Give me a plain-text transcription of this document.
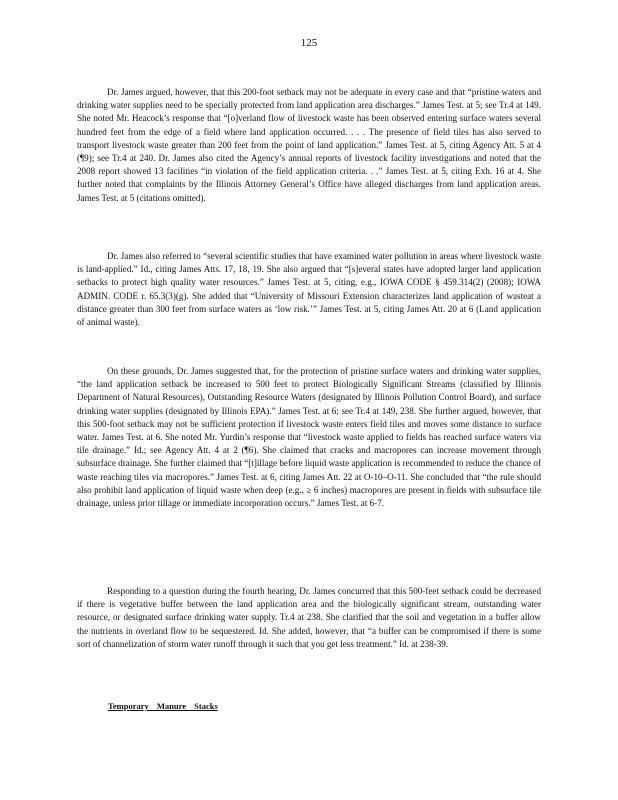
125

Dr. James argued, however, that this 200-foot setback may not be adequate in every case and that “pristine waters and drinking water supplies need to be specially protected from land application area discharges.” James Test. at 5; see Tr.4 at 149. She noted Mr. Heacock’s response that “[o]verland flow of livestock waste has been observed entering surface waters several hundred feet from the edge of a field where land application occurred. . . . The presence of field tiles has also served to transport livestock waste greater than 200 feet from the point of land application.” James Test. at 5, citing Agency Att. 5 at 4 (¶9); see Tr.4 at 240. Dr. James also cited the Agency’s annual reports of livestock facility investigations and noted that the 2008 report showed 13 facilities “in violation of the field application criteria. . .” James Test. at 5, citing Exh. 16 at 4. She further noted that complaints by the Illinois Attorney General’s Office have alleged discharges from land application areas. James Test. at 5 (citations omitted).

Dr. James also referred to “several scientific studies that have examined water pollution in areas where livestock waste is land-applied.” Id., citing James Atts. 17, 18, 19. She also argued that “[s]everal states have adopted larger land application setbacks to protect high quality water resources.” James Test. at 5, citing, e.g., IOWA CODE § 459.314(2) (2008); IOWA ADMIN. CODE r. 65.3(3)(g). She added that “University of Missouri Extension characterizes land application of wasteat a distance greater than 300 feet from surface waters as ‘low risk.’” James Test. at 5, citing James Att. 20 at 6 (Land application of animal waste).

On these grounds, Dr. James suggested that, for the protection of pristine surface waters and drinking water supplies, “the land application setback be increased to 500 feet to protect Biologically Significant Streams (classified by Illinois Department of Natural Resources), Outstanding Resource Waters (designated by Illinois Pollution Control Board), and surface drinking water supplies (designated by Illinois EPA).” James Test. at 6; see Tr.4 at 149, 238. She further argued, however, that this 500-foot setback may not be sufficient protection if livestock waste enters field tiles and moves some distance to surface water. James Test. at 6. She noted Mr. Yurdin’s response that “livestock waste applied to fields has reached surface waters via tile drainage.” Id.; see Agency Att. 4 at 2 (¶6). She claimed that cracks and macropores can increase movement through subsurface drainage. She further claimed that “[t]illage before liquid waste application is recommended to reduce the chance of waste reaching tiles via macropores.” James Test. at 6, citing James Att. 22 at O-10–O-11. She concluded that “the rule should also prohibit land application of liquid waste when deep (e.g., ≥ 6 inches) macropores are present in fields with subsurface tile drainage, unless prior tillage or immediate incorporation occurs.” James Test. at 6-7.

Responding to a question during the fourth hearing, Dr. James concurred that this 500-feet setback could be decreased if there is vegetative buffer between the land application area and the biologically significant stream, outstanding water resource, or designated surface drinking water supply. Tr.4 at 238. She clarified that the soil and vegetation in a buffer allow the nutrients in overland flow to be sequestered. Id. She added, however, that “a buffer can be compromised if there is some sort of channelization of storm water runoff through it such that you get less treatment.” Id. at 238-39.

Temporary Manure Stacks
